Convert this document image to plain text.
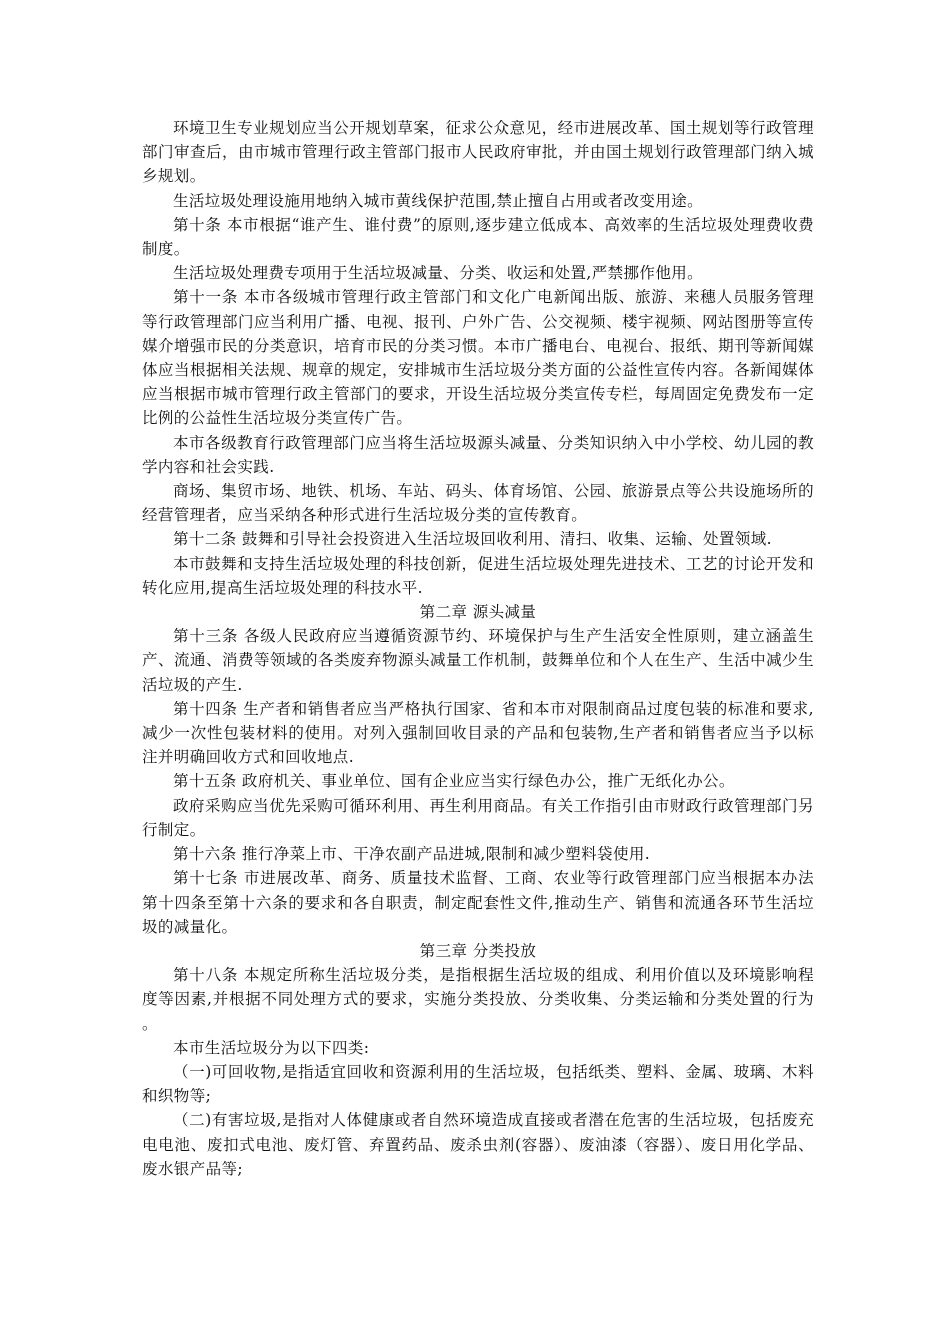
环境卫生专业规划应当公开规划草案，征求公众意见，经市进展改革、国土规划等行政管理部门审查后，由市城市管理行政主管部门报市人民政府审批，并由国土规划行政管理部门纳入城乡规划。

生活垃圾处理设施用地纳入城市黄线保护范围,禁止擅自占用或者改变用途。

第十条 本市根据“谁产生、谁付费”的原则,逐步建立低成本、高效率的生活垃圾处理费收费制度。

生活垃圾处理费专项用于生活垃圾减量、分类、收运和处置,严禁挪作他用。

第十一条 本市各级城市管理行政主管部门和文化广电新闻出版、旅游、来穗人员服务管理等行政管理部门应当利用广播、电视、报刊、户外广告、公交视频、楼宇视频、网站图册等宣传媒介增强市民的分类意识，培育市民的分类习惯。本市广播电台、电视台、报纸、期刊等新闻媒体应当根据相关法规、规章的规定，安排城市生活垃圾分类方面的公益性宣传内容。各新闻媒体应当根据市城市管理行政主管部门的要求，开设生活垃圾分类宣传专栏，每周固定免费发布一定比例的公益性生活垃圾分类宣传广告。

本市各级教育行政管理部门应当将生活垃圾源头减量、分类知识纳入中小学校、幼儿园的教学内容和社会实践.

商场、集贸市场、地铁、机场、车站、码头、体育场馆、公园、旅游景点等公共设施场所的经营管理者，应当采纳各种形式进行生活垃圾分类的宣传教育。

第十二条 鼓舞和引导社会投资进入生活垃圾回收利用、清扫、收集、运输、处置领域.

本市鼓舞和支持生活垃圾处理的科技创新，促进生活垃圾处理先进技术、工艺的讨论开发和转化应用,提高生活垃圾处理的科技水平.

第二章 源头减量

第十三条 各级人民政府应当遵循资源节约、环境保护与生产生活安全性原则，建立涵盖生产、流通、消费等领域的各类废弃物源头减量工作机制，鼓舞单位和个人在生产、生活中减少生活垃圾的产生.

第十四条 生产者和销售者应当严格执行国家、省和本市对限制商品过度包装的标准和要求,减少一次性包装材料的使用。对列入强制回收目录的产品和包装物,生产者和销售者应当予以标注并明确回收方式和回收地点.

第十五条 政府机关、事业单位、国有企业应当实行绿色办公，推广无纸化办公。

政府采购应当优先采购可循环利用、再生利用商品。有关工作指引由市财政行政管理部门另行制定。

第十六条 推行净菜上市、干净农副产品进城,限制和减少塑料袋使用.

第十七条 市进展改革、商务、质量技术监督、工商、农业等行政管理部门应当根据本办法第十四条至第十六条的要求和各自职责，制定配套性文件,推动生产、销售和流通各环节生活垃圾的减量化。

第三章 分类投放

第十八条 本规定所称生活垃圾分类，是指根据生活垃圾的组成、利用价值以及环境影响程度等因素,并根据不同处理方式的要求，实施分类投放、分类收集、分类运输和分类处置的行为。

本市生活垃圾分为以下四类:

（一)可回收物,是指适宜回收和资源利用的生活垃圾，包括纸类、塑料、金属、玻璃、木料和织物等;

（二)有害垃圾,是指对人体健康或者自然环境造成直接或者潜在危害的生活垃圾，包括废充电电池、废扣式电池、废灯管、弃置药品、废杀虫剂(容器）、废油漆（容器）、废日用化学品、废水银产品等;
